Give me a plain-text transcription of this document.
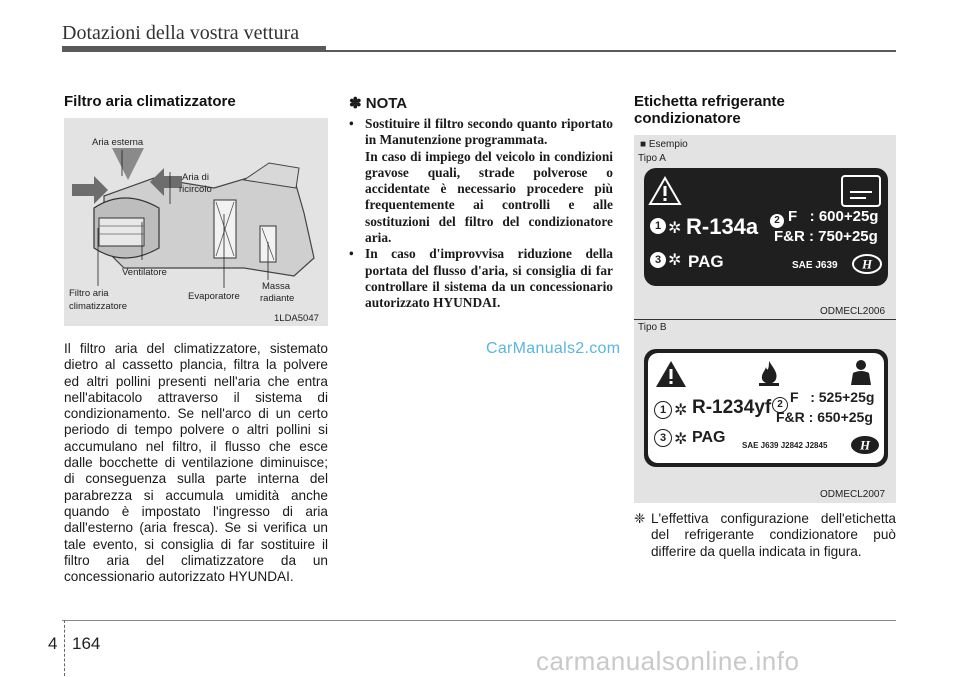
Dotazioni della vostra vettura
Filtro aria climatizzatore
Aria esterna
Aria di
ricircolo
Ventilatore
Filtro aria
climatizzatore
Evaporatore
Massa
radiante
1LDA5047
Il filtro aria del climatizzatore, sistemato dietro al cassetto plancia, filtra la polvere ed altri pollini presenti nell'aria che entra nell'abitacolo attraverso il sistema di condizionamento. Se nell'arco di un certo periodo di tempo polvere o altri pollini si accumulano nel filtro, il flusso che esce dalle bocchette di ventilazione diminuisce; di conseguenza sulla parte interna del parabrezza si accumula umidità anche quando è impostato l'ingresso di aria dall'esterno (aria fresca). Se si verifica un tale evento, si consiglia di far sostituire il filtro aria del climatizzatore da un concessionario autorizzato HYUNDAI.
✽ NOTA
• Sostituire il filtro secondo quanto riportato in Manutenzione programmata.
In caso di impiego del veicolo in condizioni gravose quali, strade polverose o accidentate è necessario procedere più frequentemente ai controlli e alle sostituzioni del filtro del condizionatore aria.
• In caso d'improvvisa riduzione della portata del flusso d'aria, si consiglia di far controllare il sistema da un concessionario autorizzato HYUNDAI.
CarManuals2.com
Etichetta refrigerante
condizionatore
■ Esempio
Tipo A
1 ✲ R-134a	2 F   : 600+25g
F&R : 750+25g
3 ✲ PAG	SAE J639 H
ODMECL2006
Tipo B
1 ✲ R-1234yf 2 F   : 525+25g
F&R : 650+25g
3 ✲ PAG SAE J639 J2842 J2845	H
ODMECL2007
❈ L'effettiva configurazione dell'etichetta del refrigerante condizionatore può differire da quella indicata in figura.
4 164
carmanualsonline.info
